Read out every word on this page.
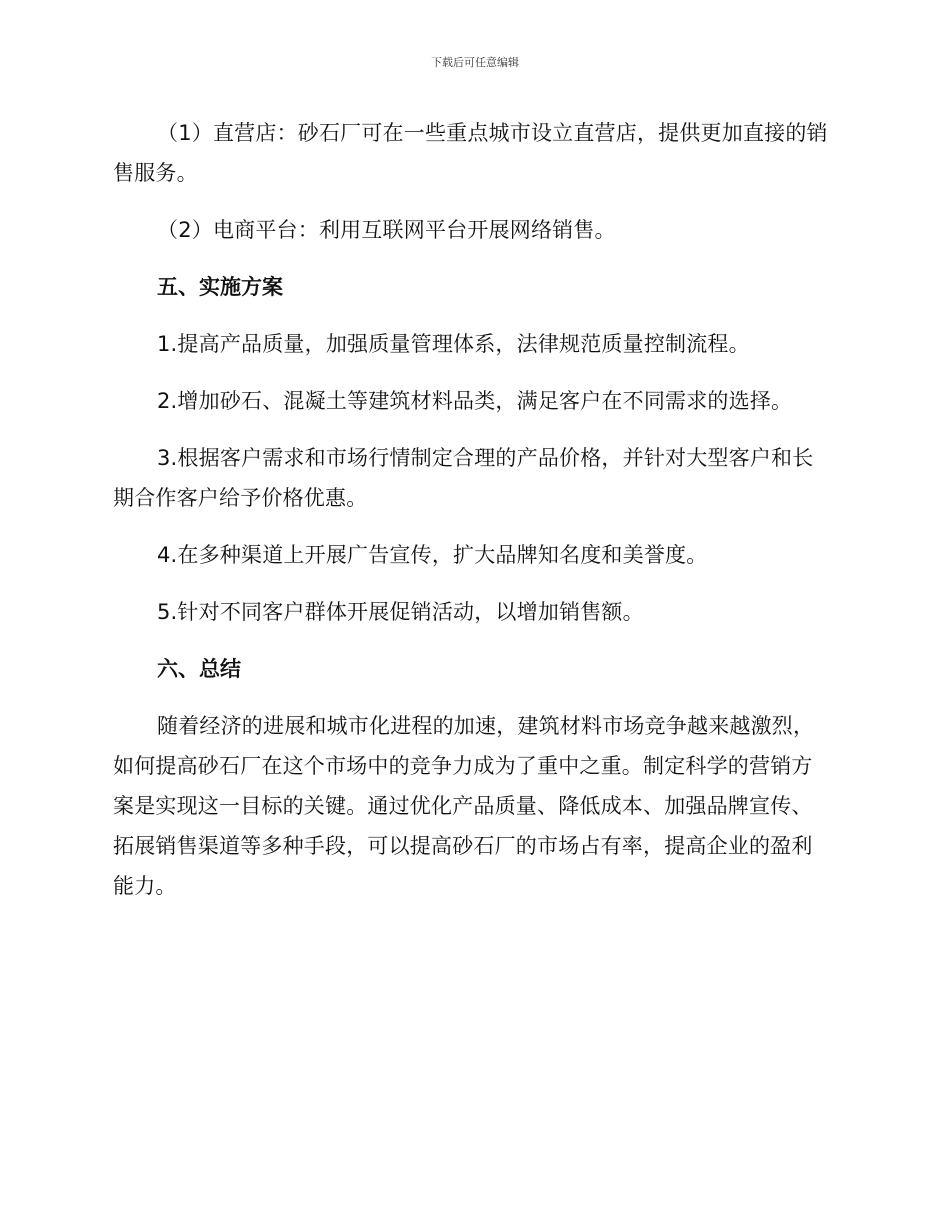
下载后可任意编辑

（1）直营店：砂石厂可在一些重点城市设立直营店，提供更加直接的销售服务。

（2）电商平台：利用互联网平台开展网络销售。

五、实施方案

1.提高产品质量，加强质量管理体系，法律规范质量控制流程。

2.增加砂石、混凝土等建筑材料品类，满足客户在不同需求的选择。

3.根据客户需求和市场行情制定合理的产品价格，并针对大型客户和长期合作客户给予价格优惠。

4.在多种渠道上开展广告宣传，扩大品牌知名度和美誉度。

5.针对不同客户群体开展促销活动，以增加销售额。

六、总结

随着经济的进展和城市化进程的加速，建筑材料市场竞争越来越激烈，如何提高砂石厂在这个市场中的竞争力成为了重中之重。制定科学的营销方案是实现这一目标的关键。通过优化产品质量、降低成本、加强品牌宣传、拓展销售渠道等多种手段，可以提高砂石厂的市场占有率，提高企业的盈利能力。
